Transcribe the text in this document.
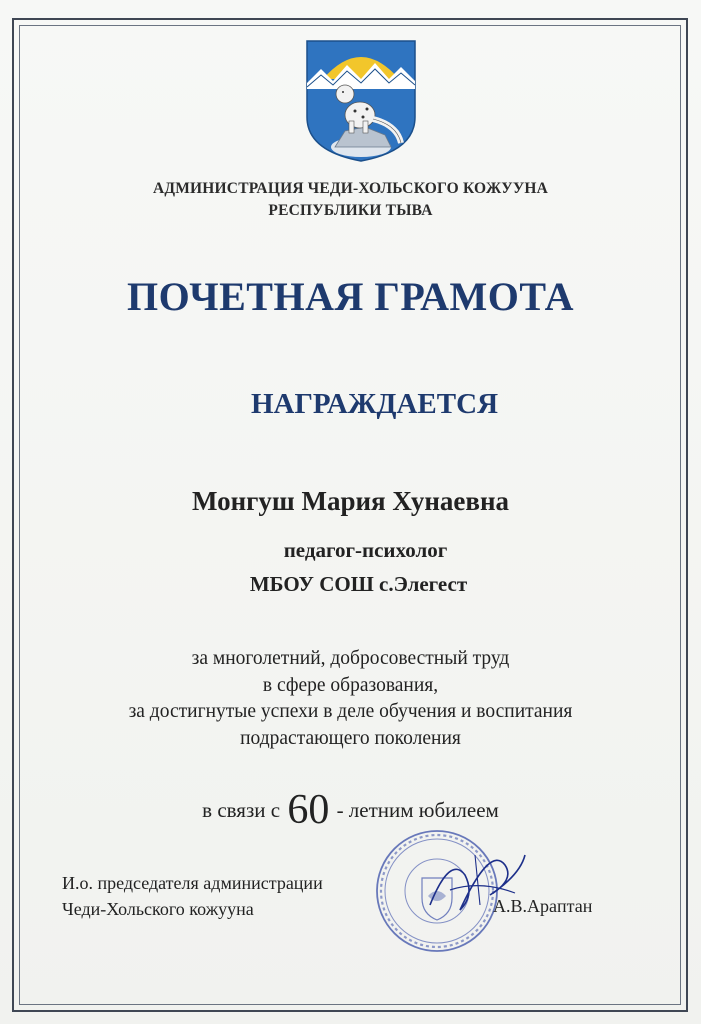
АДМИНИСТРАЦИЯ ЧЕДИ-ХОЛЬСКОГО КОЖУУНА
РЕСПУБЛИКИ ТЫВА
ПОЧЕТНАЯ ГРАМОТА
НАГРАЖДАЕТСЯ
Монгуш Мария Хунаевна
педагог-психолог
МБОУ СОШ с.Элегест
за многолетний, добросовестный труд
в сфере образования,
за достигнутые успехи в деле обучения и воспитания
подрастающего поколения
в связи с 60 - летним юбилеем
И.о. председателя администрации
Чеди-Хольского кожууна	А.В.Арaптан
